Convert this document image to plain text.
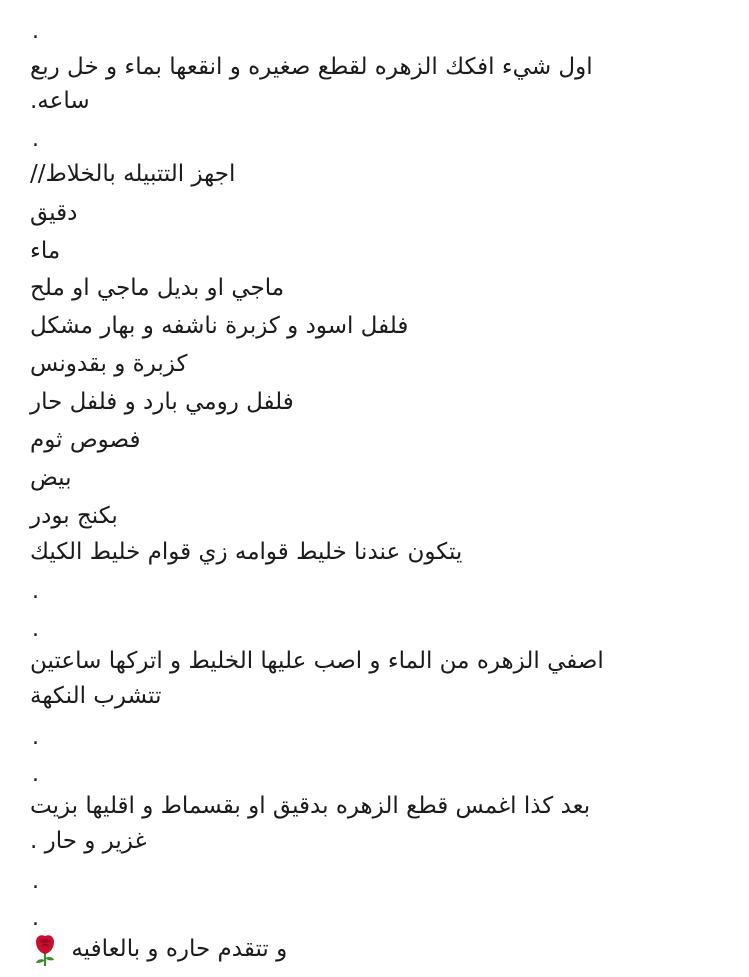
.
اول شيء افكك الزهره لقطع صغيره و انقعها بماء و خل ربع
ساعه.
.
اجهز التتبيله بالخلاط//
دقيق
ماء
ماجي او بديل ماجي او ملح
فلفل اسود و كزبرة ناشفه و بهار مشكل
كزبرة و بقدونس
فلفل رومي بارد و فلفل حار
فصوص ثوم
بيض
بكنج بودر
يتكون عندنا خليط قوامه زي قوام خليط الكيك
.
.
اصفي الزهره من الماء و اصب عليها الخليط و اتركها ساعتين
تتشرب النكهة
.
.
بعد كذا اغمس قطع الزهره بدقيق او بقسماط و اقليها بزيت
غزير و حار .
.
.
و تتقدم حاره و بالعافيه
